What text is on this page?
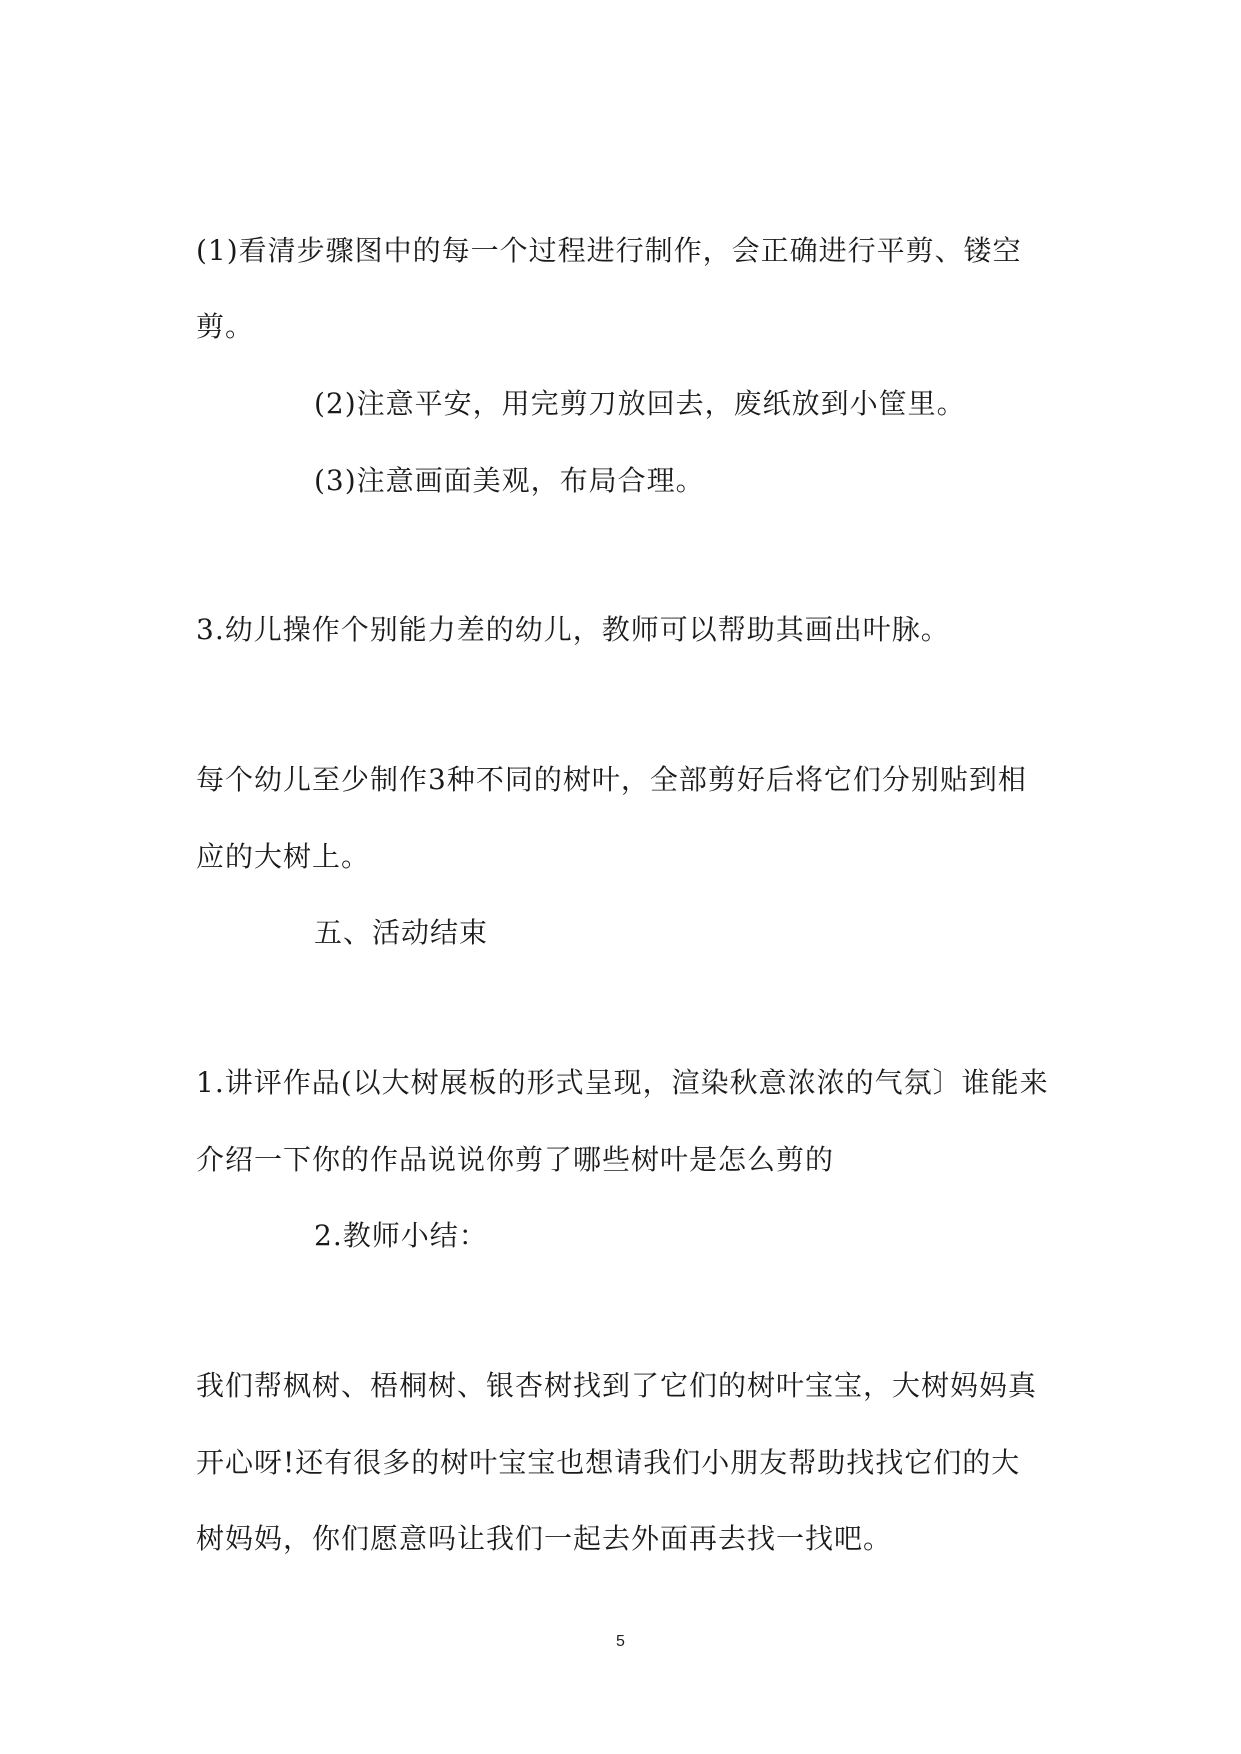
(1)看清步骤图中的每一个过程进行制作，会正确进行平剪、镂空
剪。
(2)注意平安，用完剪刀放回去，废纸放到小筐里。
(3)注意画面美观，布局合理。
3.幼儿操作个别能力差的幼儿，教师可以帮助其画出叶脉。
每个幼儿至少制作3种不同的树叶，全部剪好后将它们分别贴到相
应的大树上。
五、活动结束
1.讲评作品(以大树展板的形式呈现，渲染秋意浓浓的气氛〕谁能来
介绍一下你的作品说说你剪了哪些树叶是怎么剪的
2.教师小结：
我们帮枫树、梧桐树、银杏树找到了它们的树叶宝宝，大树妈妈真
开心呀!还有很多的树叶宝宝也想请我们小朋友帮助找找它们的大
树妈妈，你们愿意吗让我们一起去外面再去找一找吧。
5
